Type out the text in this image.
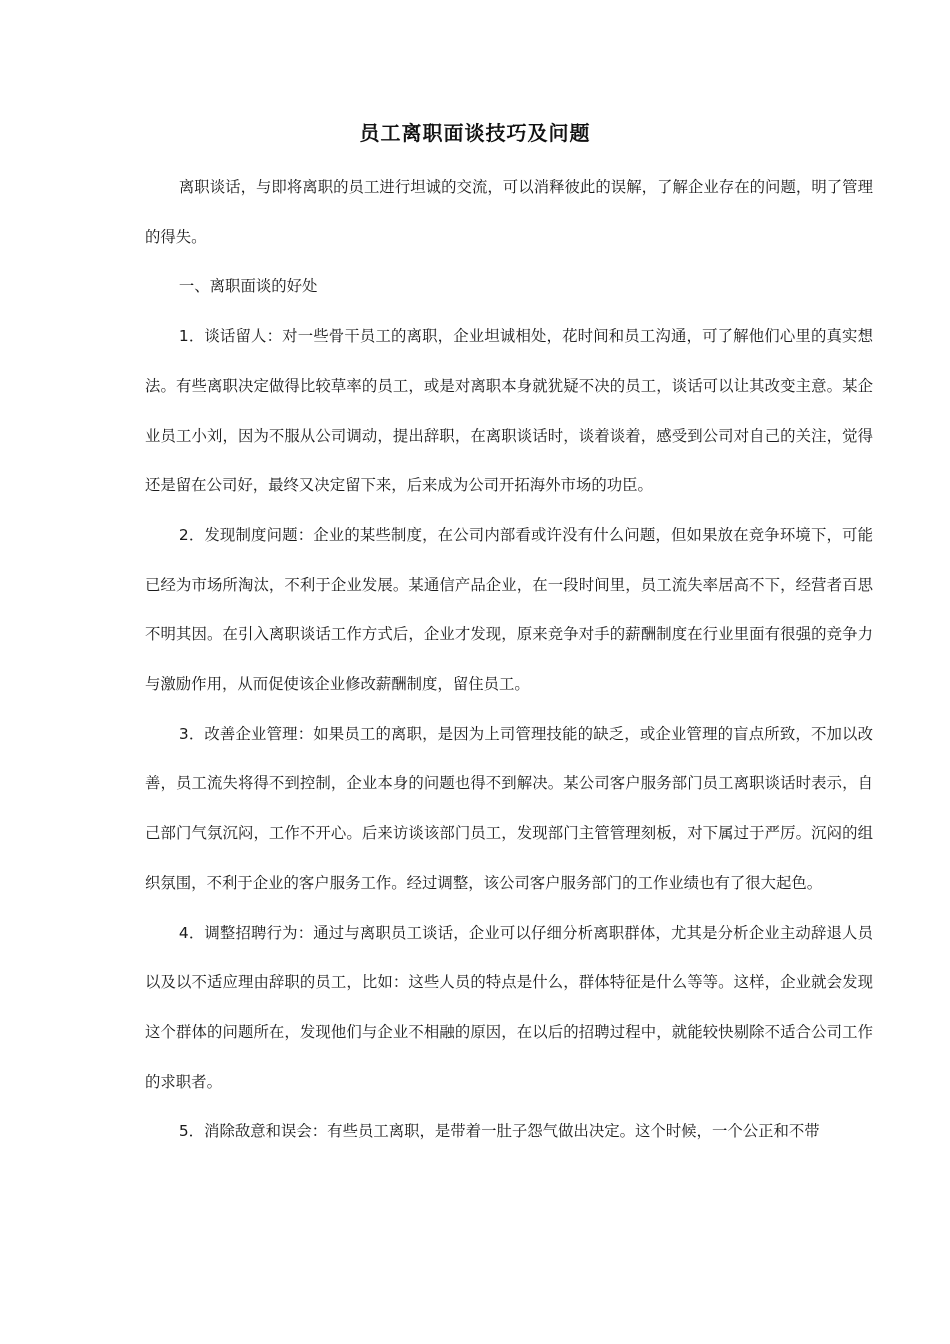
员工离职面谈技巧及问题

离职谈话，与即将离职的员工进行坦诚的交流，可以消释彼此的误解，了解企业存在的问题，明了管理的得失。

一、离职面谈的好处

1．谈话留人：对一些骨干员工的离职，企业坦诚相处，花时间和员工沟通，可了解他们心里的真实想法。有些离职决定做得比较草率的员工，或是对离职本身就犹疑不决的员工，谈话可以让其改变主意。某企业员工小刘，因为不服从公司调动，提出辞职，在离职谈话时，谈着谈着，感受到公司对自己的关注，觉得还是留在公司好，最终又决定留下来，后来成为公司开拓海外市场的功臣。

2．发现制度问题：企业的某些制度，在公司内部看或许没有什么问题，但如果放在竞争环境下，可能已经为市场所淘汰，不利于企业发展。某通信产品企业，在一段时间里，员工流失率居高不下，经营者百思不明其因。在引入离职谈话工作方式后，企业才发现，原来竞争对手的薪酬制度在行业里面有很强的竞争力与激励作用，从而促使该企业修改薪酬制度，留住员工。

3．改善企业管理：如果员工的离职，是因为上司管理技能的缺乏，或企业管理的盲点所致，不加以改善，员工流失将得不到控制，企业本身的问题也得不到解决。某公司客户服务部门员工离职谈话时表示，自己部门气氛沉闷，工作不开心。后来访谈该部门员工，发现部门主管管理刻板，对下属过于严厉。沉闷的组织氛围，不利于企业的客户服务工作。经过调整，该公司客户服务部门的工作业绩也有了很大起色。

4．调整招聘行为：通过与离职员工谈话，企业可以仔细分析离职群体，尤其是分析企业主动辞退人员以及以不适应理由辞职的员工，比如：这些人员的特点是什么，群体特征是什么等等。这样，企业就会发现这个群体的问题所在，发现他们与企业不相融的原因，在以后的招聘过程中，就能较快剔除不适合公司工作的求职者。

5．消除敌意和误会：有些员工离职，是带着一肚子怨气做出决定。这个时候，一个公正和不带
